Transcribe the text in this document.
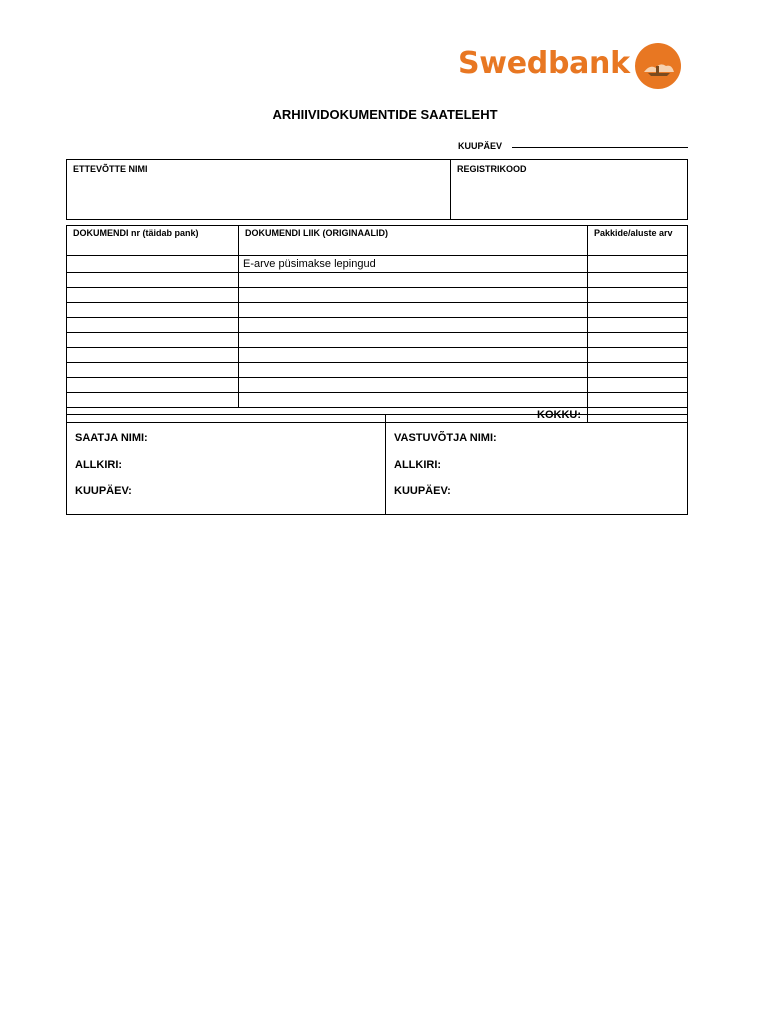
Swedbank
ARHIIVIDOKUMENTIDE SAATELEHT
KUUPÄEV
ETTEVÕTTE NIMI	REGISTRIKOOD
DOKUMENDI nr (täidab pank)	DOKUMENDI LIIK (ORIGINAALID)	Pakkide/aluste arv
	E-arve püsimakse lepingud	

KOKKU:		
SAATJA NIMI:
ALLKIRI:
KUUPÄEV:

VASTUVÕTJA NIMI:
ALLKIRI:
KUUPÄEV:
